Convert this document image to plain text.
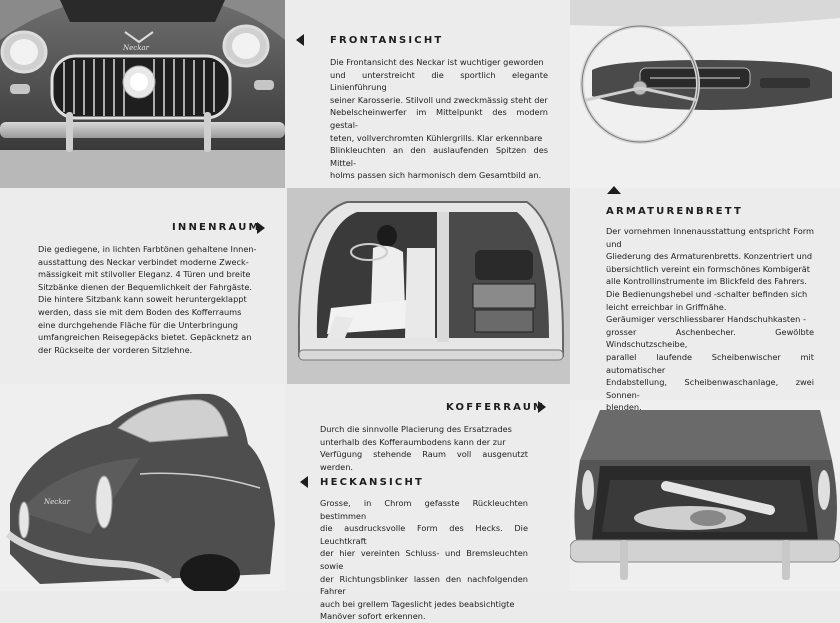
Neckar
Neckar
FRONTANSICHT
Die Frontansicht des Neckar ist wuchtiger geworden
und unterstreicht die sportlich elegante Linienführung
seiner Karosserie. Stilvoll und zweckmässig steht der
Nebelscheinwerfer im Mittelpunkt des modern gestal-
teten, vollverchromten Kühlergrills. Klar erkennbare
Blinkleuchten an den auslaufenden Spitzen des Mittel-
holms passen sich harmonisch dem Gesamtbild an.
INNENRAUM
Die gediegene, in lichten Farbtönen gehaltene Innen-
ausstattung des Neckar verbindet moderne Zweck-
mässigkeit mit stilvoller Eleganz. 4 Türen und breite
Sitzbänke dienen der Bequemlichkeit der Fahrgäste.
Die hintere Sitzbank kann soweit heruntergeklappt
werden, dass sie mit dem Boden des Kofferraums
eine durchgehende Fläche für die Unterbringung
umfangreichen Reisegepäcks bietet. Gepäcknetz an
der Rückseite der vorderen Sitzlehne.
ARMATURENBRETT
Der vornehmen Innenausstattung entspricht Form und
Gliederung des Armaturenbretts. Konzentriert und
übersichtlich vereint ein formschönes Kombigerät
alle Kontrollinstrumente im Blickfeld des Fahrers.
Die Bedienungshebel und -schalter befinden sich
leicht erreichbar in Griffnähe.
Geräumiger verschliessbarer Handschuhkasten -
grosser Aschenbecher. Gewölbte Windschutzscheibe,
parallel laufende Scheibenwischer mit automatischer
Endabstellung, Scheibenwaschanlage, zwei Sonnen-
blenden.
KOFFERRAUM
Durch die sinnvolle Placierung des Ersatzrades
unterhalb des Kofferaumbodens kann der zur
Verfügung stehende Raum voll ausgenutzt werden.
HECKANSICHT
Grosse, in Chrom gefasste Rückleuchten bestimmen
die ausdrucksvolle Form des Hecks. Die Leuchtkraft
der hier vereinten Schluss- und Bremsleuchten sowie
der Richtungsblinker lassen den nachfolgenden Fahrer
auch bei grellem Tageslicht jedes beabsichtigte
Manöver sofort erkennen.
